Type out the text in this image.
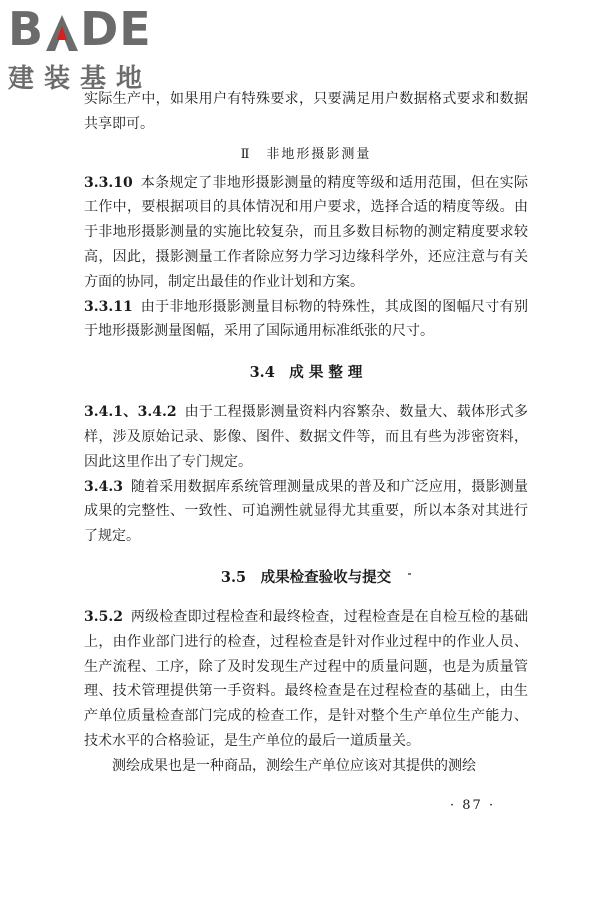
B DE
建装基地

实际生产中，如果用户有特殊要求，只要满足用户数据格式要求和数据共享即可。

Ⅱ　非地形摄影测量

3.3.10 本条规定了非地形摄影测量的精度等级和适用范围，但在实际工作中，要根据项目的具体情况和用户要求，选择合适的精度等级。由于非地形摄影测量的实施比较复杂，而且多数目标物的测定精度要求较高，因此，摄影测量工作者除应努力学习边缘科学外，还应注意与有关方面的协同，制定出最佳的作业计划和方案。

3.3.11 由于非地形摄影测量目标物的特殊性，其成图的图幅尺寸有别于地形摄影测量图幅，采用了国际通用标准纸张的尺寸。

3.4　成 果 整 理

3.4.1、3.4.2 由于工程摄影测量资料内容繁杂、数量大、载体形式多样，涉及原始记录、影像、图件、数据文件等，而且有些为涉密资料，因此这里作出了专门规定。

3.4.3 随着采用数据库系统管理测量成果的普及和广泛应用，摄影测量成果的完整性、一致性、可追溯性就显得尤其重要，所以本条对其进行了规定。

3.5　成果检查验收与提交

3.5.2 两级检查即过程检查和最终检查，过程检查是在自检互检的基础上，由作业部门进行的检查，过程检查是针对作业过程中的作业人员、生产流程、工序，除了及时发现生产过程中的质量问题，也是为质量管理、技术管理提供第一手资料。最终检查是在过程检查的基础上，由生产单位质量检查部门完成的检查工作，是针对整个生产单位生产能力、技术水平的合格验证，是生产单位的最后一道质量关。

测绘成果也是一种商品，测绘生产单位应该对其提供的测绘

· 87 ·
